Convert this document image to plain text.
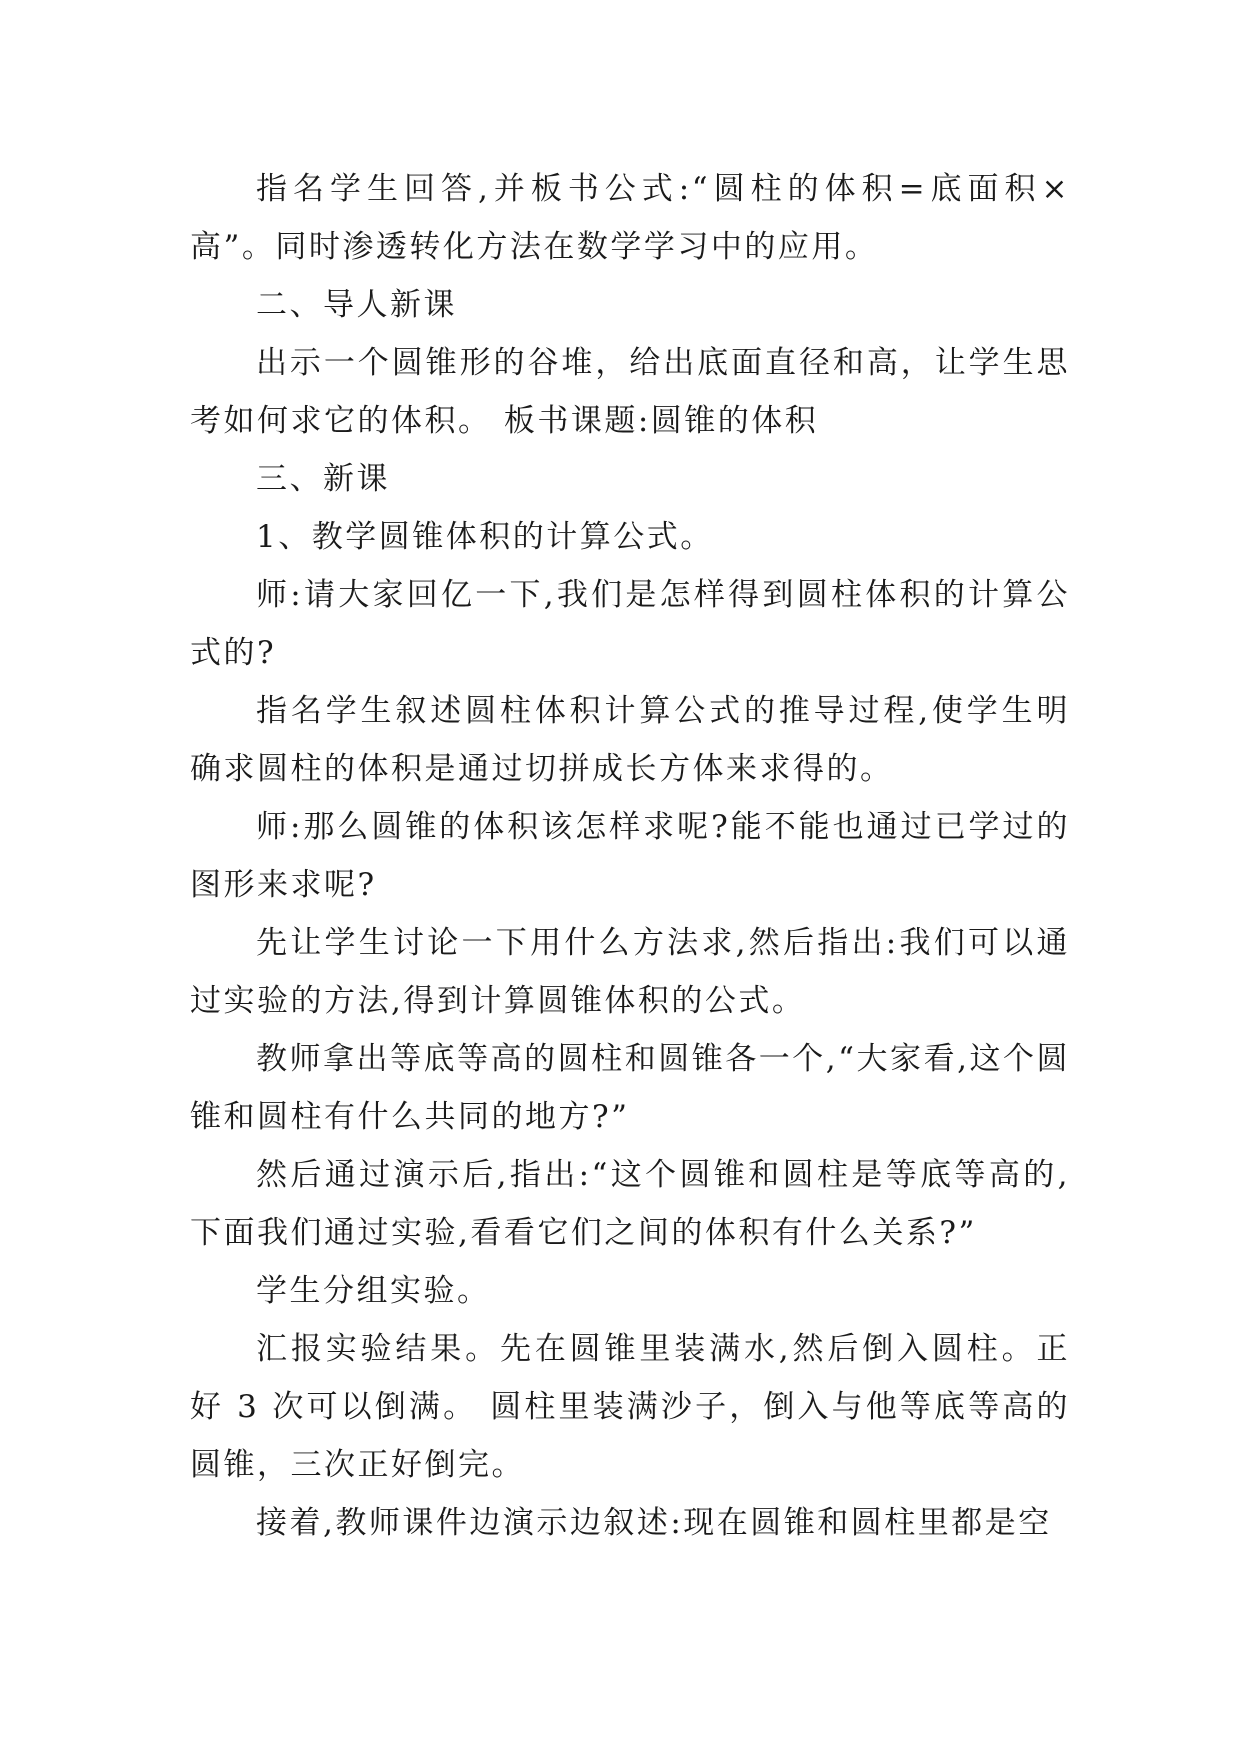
指名学生回答,并板书公式:“圆柱的体积=底面积×高”。同时渗透转化方法在数学学习中的应用。

二、导人新课

出示一个圆锥形的谷堆，给出底面直径和高，让学生思考如何求它的体积。 板书课题:圆锥的体积

三、新课

1、教学圆锥体积的计算公式。

师:请大家回亿一下,我们是怎样得到圆柱体积的计算公式的?

指名学生叙述圆柱体积计算公式的推导过程,使学生明确求圆柱的体积是通过切拼成长方体来求得的。

师:那么圆锥的体积该怎样求呢?能不能也通过已学过的图形来求呢?

先让学生讨论一下用什么方法求,然后指出:我们可以通过实验的方法,得到计算圆锥体积的公式。

教师拿出等底等高的圆柱和圆锥各一个,“大家看,这个圆锥和圆柱有什么共同的地方?”

然后通过演示后,指出:“这个圆锥和圆柱是等底等高的,下面我们通过实验,看看它们之间的体积有什么关系?”

学生分组实验。

汇报实验结果。先在圆锥里装满水,然后倒入圆柱。正好 3 次可以倒满。 圆柱里装满沙子，倒入与他等底等高的圆锥，三次正好倒完。

接着,教师课件边演示边叙述:现在圆锥和圆柱里都是空
